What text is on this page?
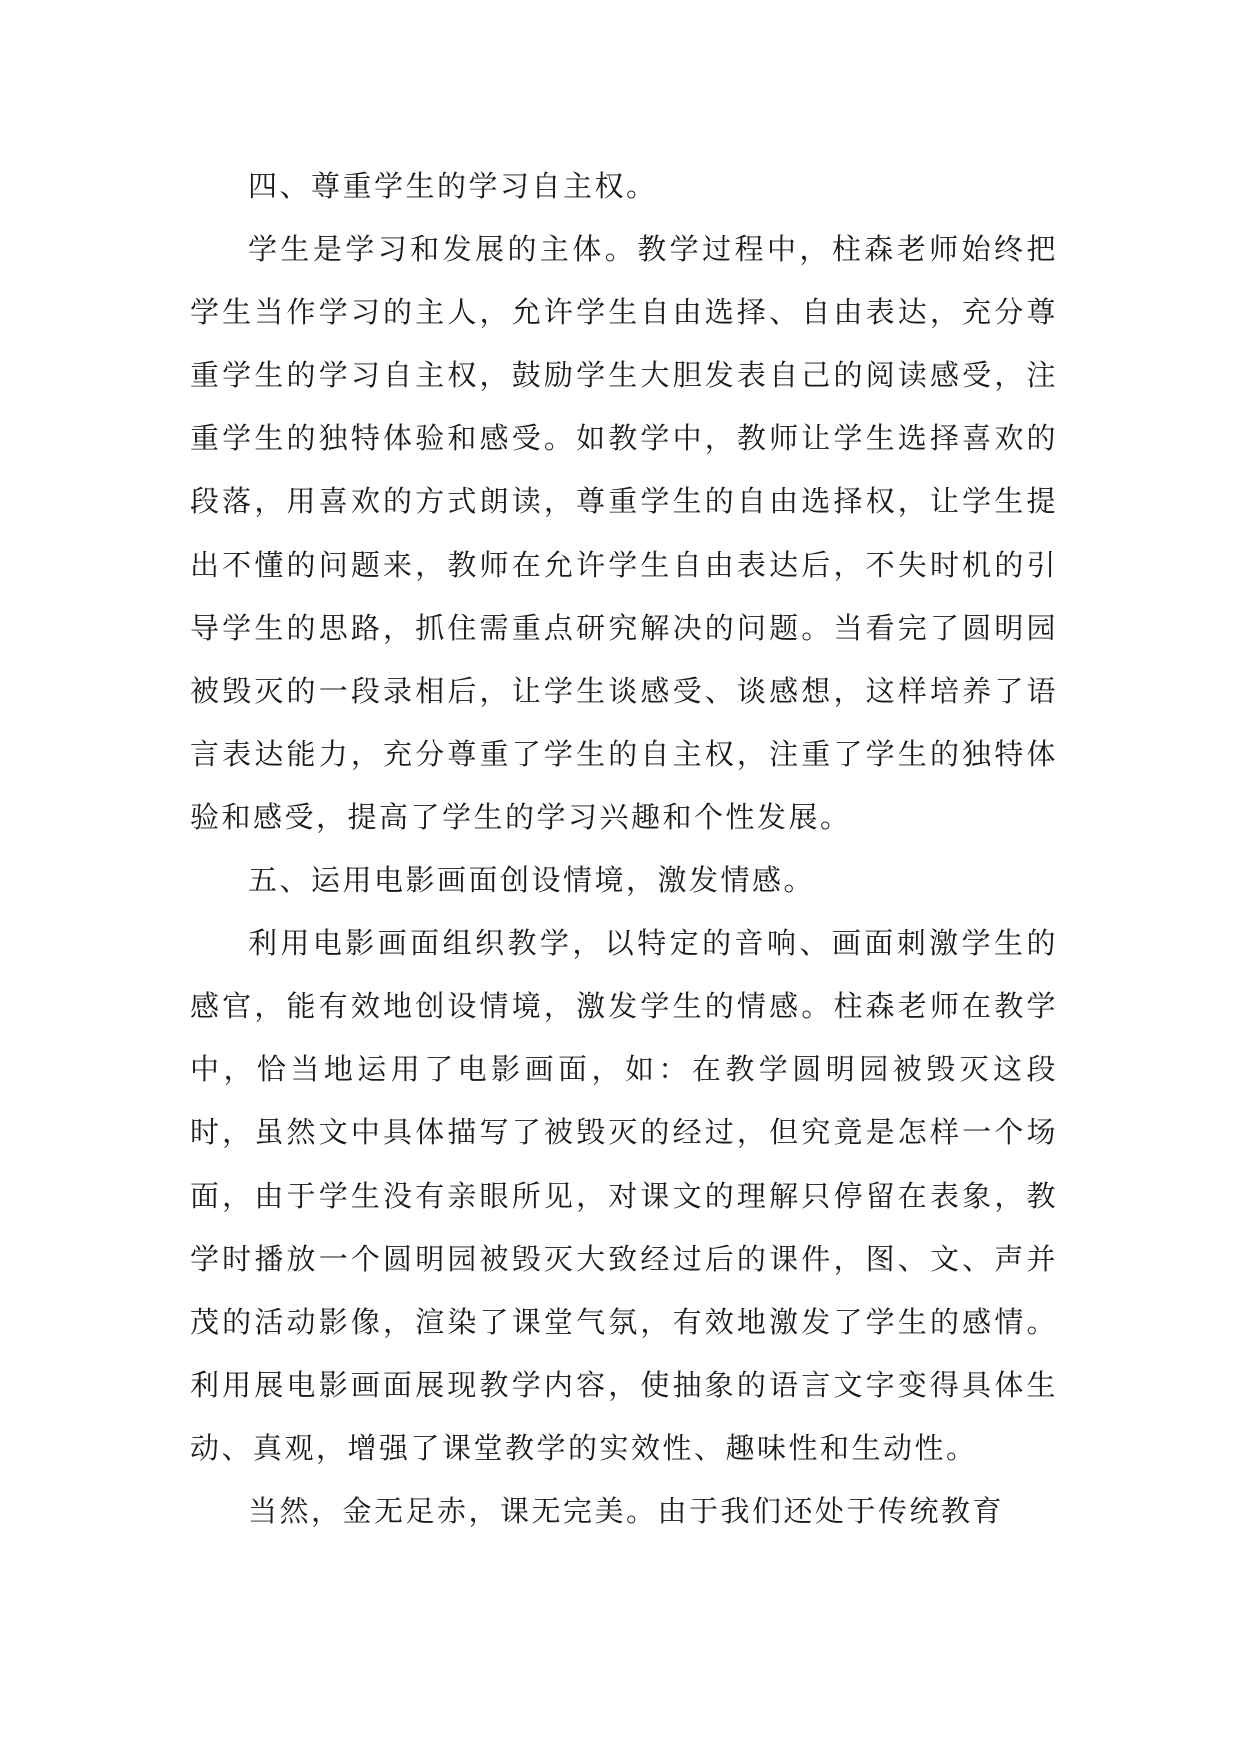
四、尊重学生的学习自主权。

学生是学习和发展的主体。教学过程中，柱森老师始终把学生当作学习的主人，允许学生自由选择、自由表达，充分尊重学生的学习自主权，鼓励学生大胆发表自己的阅读感受，注重学生的独特体验和感受。如教学中，教师让学生选择喜欢的段落，用喜欢的方式朗读，尊重学生的自由选择权，让学生提出不懂的问题来，教师在允许学生自由表达后，不失时机的引导学生的思路，抓住需重点研究解决的问题。当看完了圆明园被毁灭的一段录相后，让学生谈感受、谈感想，这样培养了语言表达能力，充分尊重了学生的自主权，注重了学生的独特体验和感受，提高了学生的学习兴趣和个性发展。

五、运用电影画面创设情境，激发情感。

利用电影画面组织教学，以特定的音响、画面刺激学生的感官，能有效地创设情境，激发学生的情感。柱森老师在教学中，恰当地运用了电影画面，如：在教学圆明园被毁灭这段时，虽然文中具体描写了被毁灭的经过，但究竟是怎样一个场面，由于学生没有亲眼所见，对课文的理解只停留在表象，教学时播放一个圆明园被毁灭大致经过后的课件，图、文、声并茂的活动影像，渲染了课堂气氛，有效地激发了学生的感情。利用展电影画面展现教学内容，使抽象的语言文字变得具体生动、真观，增强了课堂教学的实效性、趣味性和生动性。

当然，金无足赤，课无完美。由于我们还处于传统教育
